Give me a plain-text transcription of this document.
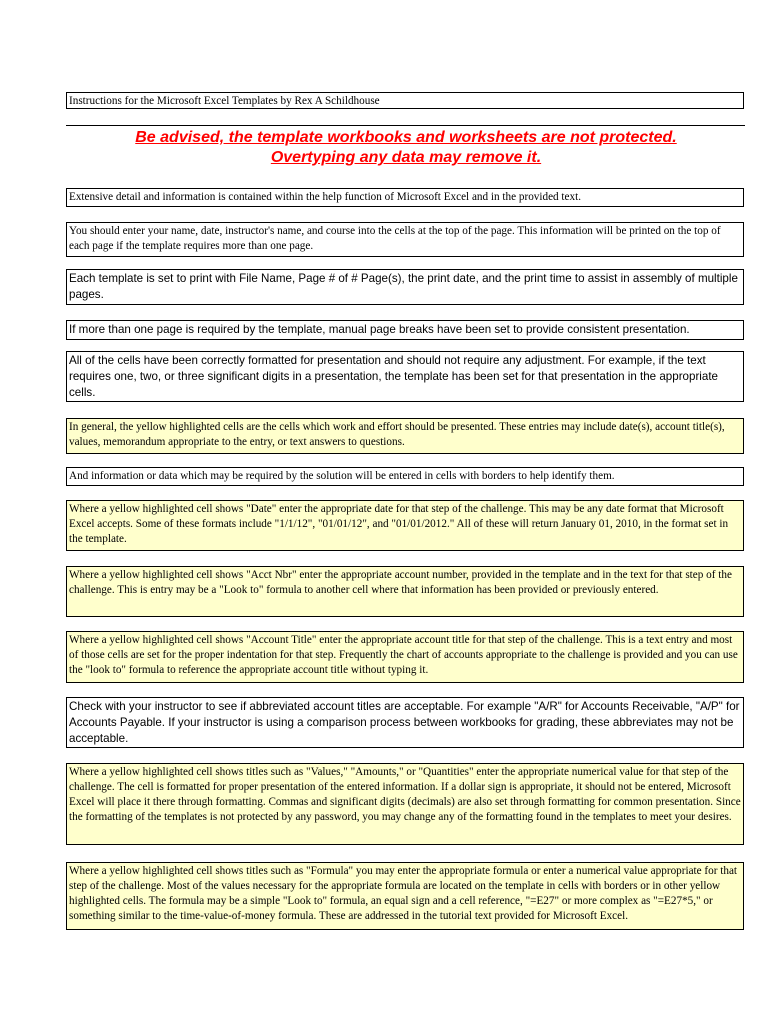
Instructions for the Microsoft Excel Templates by Rex A Schildhouse
Be advised, the template workbooks and worksheets are not protected.
Overtyping any data may remove it.
Extensive detail and information is contained within the help function of Microsoft Excel and in the provided text.
You should enter your name, date, instructor's name, and course into the cells at the top of the page. This information will be printed on the top of each page if the template requires more than one page.
Each template is set to print with File Name, Page # of # Page(s), the print date, and the print time to assist in assembly of multiple pages.
If more than one page is required by the template, manual page breaks have been set to provide consistent presentation.
All of the cells have been correctly formatted for presentation and should not require any adjustment. For example, if the text requires one, two, or three significant digits in a presentation, the template has been set for that presentation in the appropriate cells.
In general, the yellow highlighted cells are the cells which work and effort should be presented. These entries may include date(s), account title(s), values, memorandum appropriate to the entry, or text answers to questions.
And information or data which may be required by the solution will be entered in cells with borders to help identify them.
Where a yellow highlighted cell shows "Date" enter the appropriate date for that step of the challenge. This may be any date format that Microsoft Excel accepts. Some of these formats include "1/1/12", "01/01/12", and "01/01/2012." All of these will return January 01, 2010, in the format set in the template.
Where a yellow highlighted cell shows "Acct Nbr" enter the appropriate account number, provided in the template and in the text for that step of the challenge. This is entry may be a "Look to" formula to another cell where that information has been provided or previously entered.
Where a yellow highlighted cell shows "Account Title" enter the appropriate account title for that step of the challenge. This is a text entry and most of those cells are set for the proper indentation for that step. Frequently the chart of accounts appropriate to the challenge is provided and you can use the "look to" formula to reference the appropriate account title without typing it.
Check with your instructor to see if abbreviated account titles are acceptable. For example "A/R" for Accounts Receivable, "A/P" for Accounts Payable. If your instructor is using a comparison process between workbooks for grading, these abbreviates may not be acceptable.
Where a yellow highlighted cell shows titles such as "Values," "Amounts," or "Quantities" enter the appropriate numerical value for that step of the challenge. The cell is formatted for proper presentation of the entered information. If a dollar sign is appropriate, it should not be entered, Microsoft Excel will place it there through formatting. Commas and significant digits (decimals) are also set through formatting for common presentation. Since the formatting of the templates is not protected by any password, you may change any of the formatting found in the templates to meet your desires.
Where a yellow highlighted cell shows titles such as "Formula" you may enter the appropriate formula or enter a numerical value appropriate for that step of the challenge. Most of the values necessary for the appropriate formula are located on the template in cells with borders or in other yellow highlighted cells. The formula may be a simple "Look to" formula, an equal sign and a cell reference, "=E27" or more complex as "=E27*5," or something similar to the time-value-of-money formula. These are addressed in the tutorial text provided for Microsoft Excel.
